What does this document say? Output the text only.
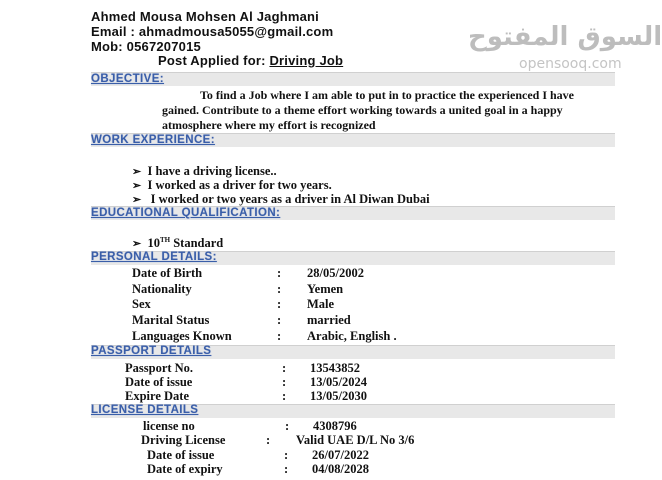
Ahmed Mousa Mohsen Al Jaghmani
Email : ahmadmousa5055@gmail.com
Mob: 0567207015
Post Applied for: Driving Job
السوق المفتوح
opensooq.com
OBJECTIVE:
To find a Job where I am able to put in to practice the experienced I have
gained. Contribute to a theme effort working towards a united goal in a happy
atmosphere where my effort is recognized
WORK EXPERIENCE:
➢ I have a driving license..
➢ I worked as a driver for two years.
➢   I worked or two years as a driver in Al Diwan Dubai
EDUCATIONAL QUALIFICATION:
➢ 10TH Standard
PERSONAL DETAILS:
Date of Birth	: 28/05/2002
Nationality	: Yemen
Sex	: Male
Marital Status	: married
Languages Known	: Arabic, English .
PASSPORT DETAILS
Passport No.	: 13543852
Date of issue	: 13/05/2024
Expire Date	: 13/05/2030
LICENSE DETAILS
license no	: 4308796
Driving License	: Valid UAE D/L No 3/6
Date of issue	: 26/07/2022
Date of expiry	: 04/08/2028
